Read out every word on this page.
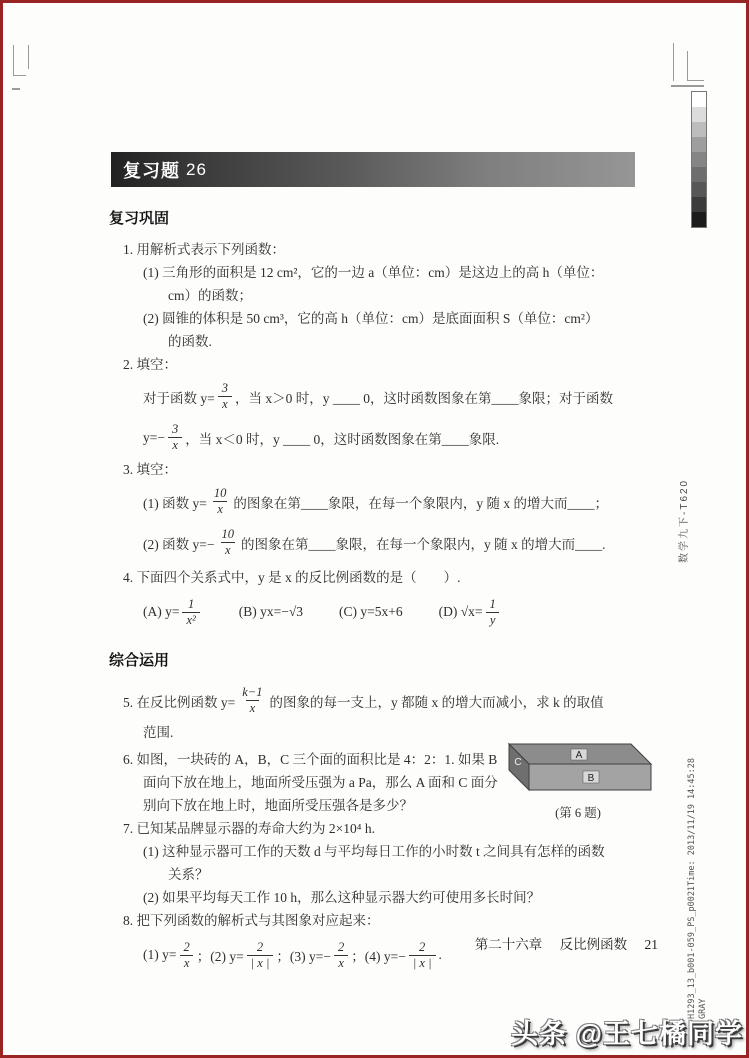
复习题 26
复习巩固
1. 用解析式表示下列函数：
(1) 三角形的面积是 12 cm²，它的一边 a（单位：cm）是这边上的高 h（单位：
cm）的函数；
(2) 圆锥的体积是 50 cm³，它的高 h（单位：cm）是底面面积 S（单位：cm²）
的函数.
2. 填空：
对于函数 $y= \frac{3}{x}$ ，当 x＞0 时，y ____ 0，这时函数图象在第____象限；对于函数
$y=- \frac{3}{x}$ ，当 x＜0 时，y ____ 0，这时函数图象在第____象限.
3. 填空：
(1) 函数 $y= \frac{10}{x}$ 的图象在第____象限，在每一个象限内，y 随 x 的增大而____；
(2) 函数 $y=- \frac{10}{x}$ 的图象在第____象限，在每一个象限内，y 随 x 的增大而____.
4. 下面四个关系式中，y 是 x 的反比例函数的是（　　）.
(A) $y= \frac{1}{\text{x²}}$	(B) yx=−√3	(C) y=5x+6	(D) $√x= \frac{1}{y}$
综合运用
5. 在反比例函数 $y= \frac{k-1}{x}$ 的图象的每一支上，y 都随 x 的增大而减小，求 k 的取值
范围.
6. 如图，一块砖的 A，B，C 三个面的面积比是 4：2：1. 如果 B
面向下放在地上，地面所受压强为 a Pa，那么 A 面和 C 面分
别向下放在地上时，地面所受压强各是多少？
A
B
C
(第 6 题)
7. 已知某品牌显示器的寿命大约为 2×10⁴ h.
(1) 这种显示器可工作的天数 d 与平均每日工作的小时数 t 之间具有怎样的函数
关系？
(2) 如果平均每天工作 10 h，那么这种显示器大约可使用多长时间？
8. 把下列函数的解析式与其图象对应起来：
(1) $y= \frac{2}{x}$ ；(2) $y= \frac{2}{| x |}$ ；(3) $y=- \frac{2}{x}$ ；(4) $y=- \frac{2}{| x |}$ .
第二十六章 反比例函数 21
数学九下-T620
H1293_13_b001-059_PS_p0021Time: 2013/11/19 14:45:28 GRAY
头条 @王七橘同学
